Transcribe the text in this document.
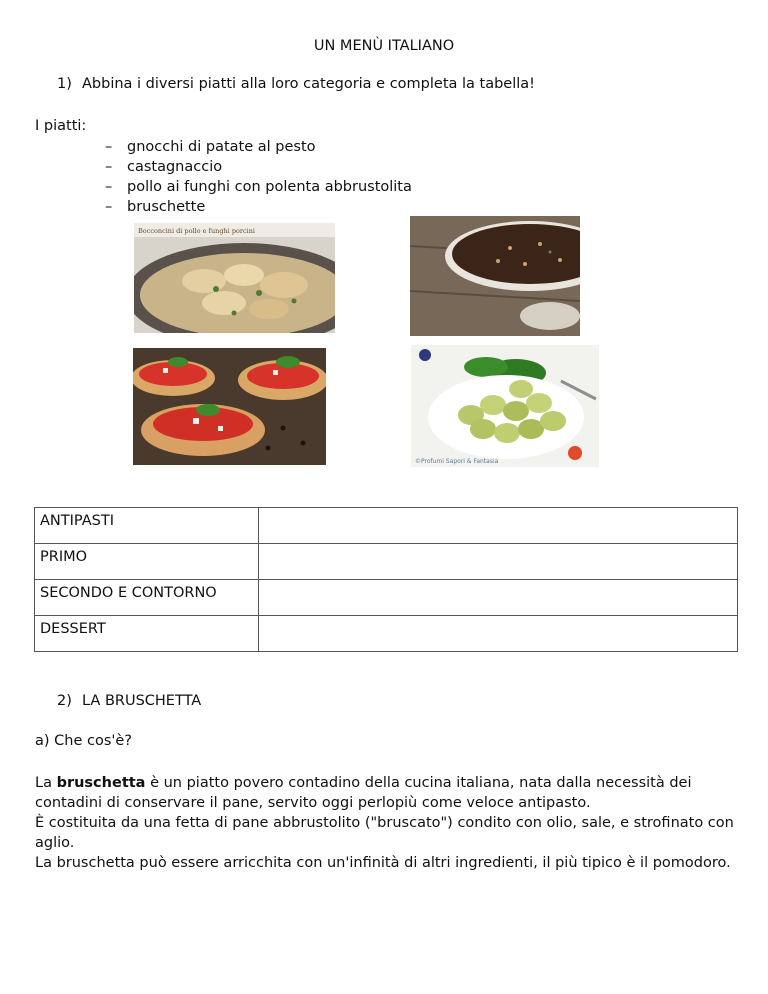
UN MENÙ ITALIANO
1) Abbina i diversi piatti alla loro categoria e completa la tabella!
I piatti:
– gnocchi di patate al pesto
– castagnaccio
– pollo ai funghi con polenta abbrustolita
– bruschette
Bocconcini di pollo e funghi porcini
©Profumi Sapori & Fantasia
ANTIPASTI	
PRIMO	
SECONDO E CONTORNO	
DESSERT	
2) LA BRUSCHETTA
a) Che cos'è?

La bruschetta è un piatto povero contadino della cucina italiana, nata dalla necessità dei contadini di conservare il pane, servito oggi perlopiù come veloce antipasto.

È costituita da una fetta di pane abbrustolito ("bruscato") condito con olio, sale, e strofinato con aglio.

La bruschetta può essere arricchita con un'infinità di altri ingredienti, il più tipico è il pomodoro.
